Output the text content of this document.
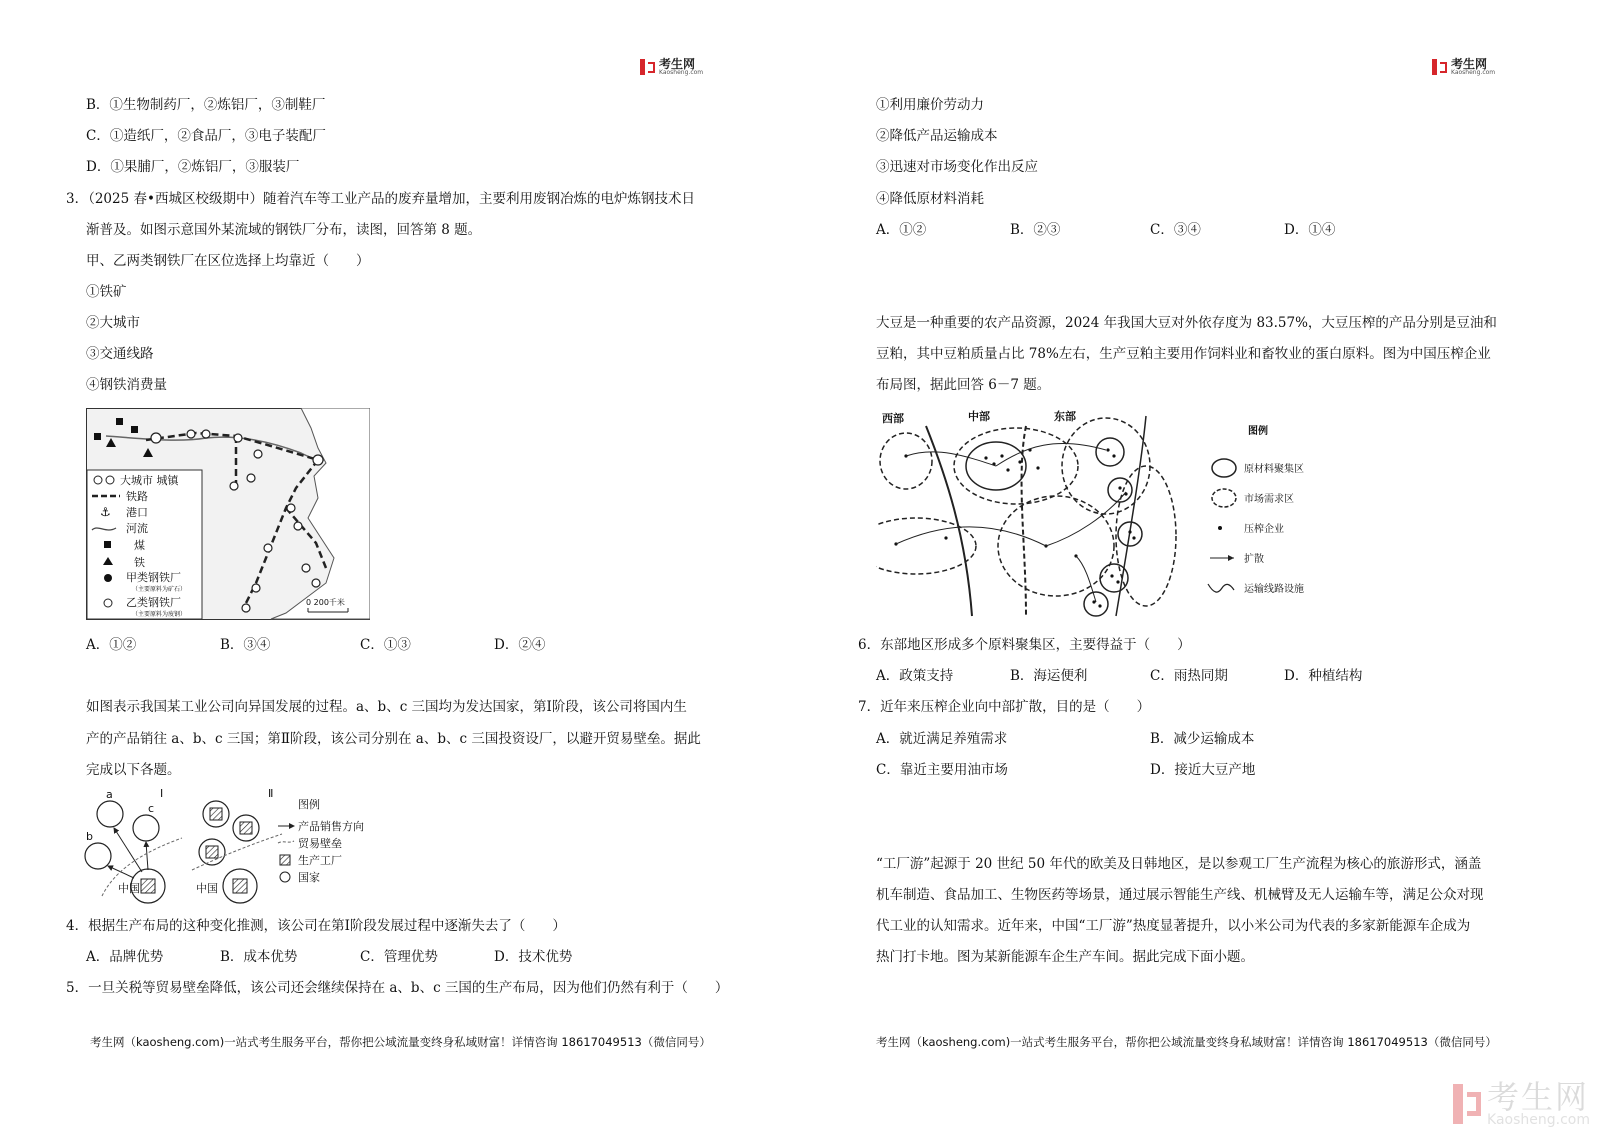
考生网
Kaosheng.com
B．①生物制药厂，②炼铝厂，③制鞋厂
C．①造纸厂，②食品厂，③电子装配厂
D．①果脯厂，②炼铝厂，③服装厂
3．（2025 春•西城区校级期中）随着汽车等工业产品的废弃量增加，主要利用废钢冶炼的电炉炼钢技术日
渐普及。如图示意国外某流域的钢铁厂分布，读图，回答第 8 题。
甲、乙两类钢铁厂在区位选择上均靠近（　　）
①铁矿
②大城市
③交通线路
④钢铁消费量
大城市 城镇
铁路
⚓ 港口
河流
煤
铁
甲类钢铁厂
（主要原料为矿石）
乙类钢铁厂
（主要原料为废钢）
0 200千米
A．①②	B．③④	C．①③	D．②④
如图表示我国某工业公司向异国发展的过程。a、b、c 三国均为发达国家，第Ⅰ阶段，该公司将国内生
产的产品销往 a、b、c 三国；第Ⅱ阶段，该公司分别在 a、b、c 三国投资设厂，以避开贸易壁垒。据此
完成以下各题。
Ⅰ	Ⅱ
a
c
b
中国	中国
图例
产品销售方向
贸易壁垒
生产工厂
国家
4．根据生产布局的这种变化推测，该公司在第Ⅰ阶段发展过程中逐渐失去了（　　）
A．品牌优势	B．成本优势	C．管理优势	D．技术优势
5．一旦关税等贸易壁垒降低，该公司还会继续保持在 a、b、c 三国的生产布局，因为他们仍然有利于（　　）
考生网（kaosheng.com)一站式考生服务平台，帮你把公域流量变终身私域财富！详情咨询 18617049513（微信同号）
考生网
Kaosheng.com
①利用廉价劳动力
②降低产品运输成本
③迅速对市场变化作出反应
④降低原材料消耗
A．①②	B．②③	C．③④	D．①④
大豆是一种重要的农产品资源，2024 年我国大豆对外依存度为 83.57%，大豆压榨的产品分别是豆油和
豆粕，其中豆粕质量占比 78%左右，生产豆粕主要用作饲料业和畜牧业的蛋白原料。图为中国压榨企业
布局图，据此回答 6－7 题。
西部	中部	东部
图例
原材料聚集区
市场需求区
压榨企业
扩散
运输线路设施
6．东部地区形成多个原料聚集区，主要得益于（　　）
A．政策支持	B．海运便利	C．雨热同期	D．种植结构
7．近年来压榨企业向中部扩散，目的是（　　）
A．就近满足养殖需求	B．减少运输成本
C．靠近主要用油市场	D．接近大豆产地
“工厂游”起源于 20 世纪 50 年代的欧美及日韩地区，是以参观工厂生产流程为核心的旅游形式，涵盖
机车制造、食品加工、生物医药等场景，通过展示智能生产线、机械臂及无人运输车等，满足公众对现
代工业的认知需求。近年来，中国“工厂游”热度显著提升，以小米公司为代表的多家新能源车企成为
热门打卡地。图为某新能源车企生产车间。据此完成下面小题。
考生网（kaosheng.com)一站式考生服务平台，帮你把公域流量变终身私域财富！详情咨询 18617049513（微信同号）
考生网
Kaosheng.com
